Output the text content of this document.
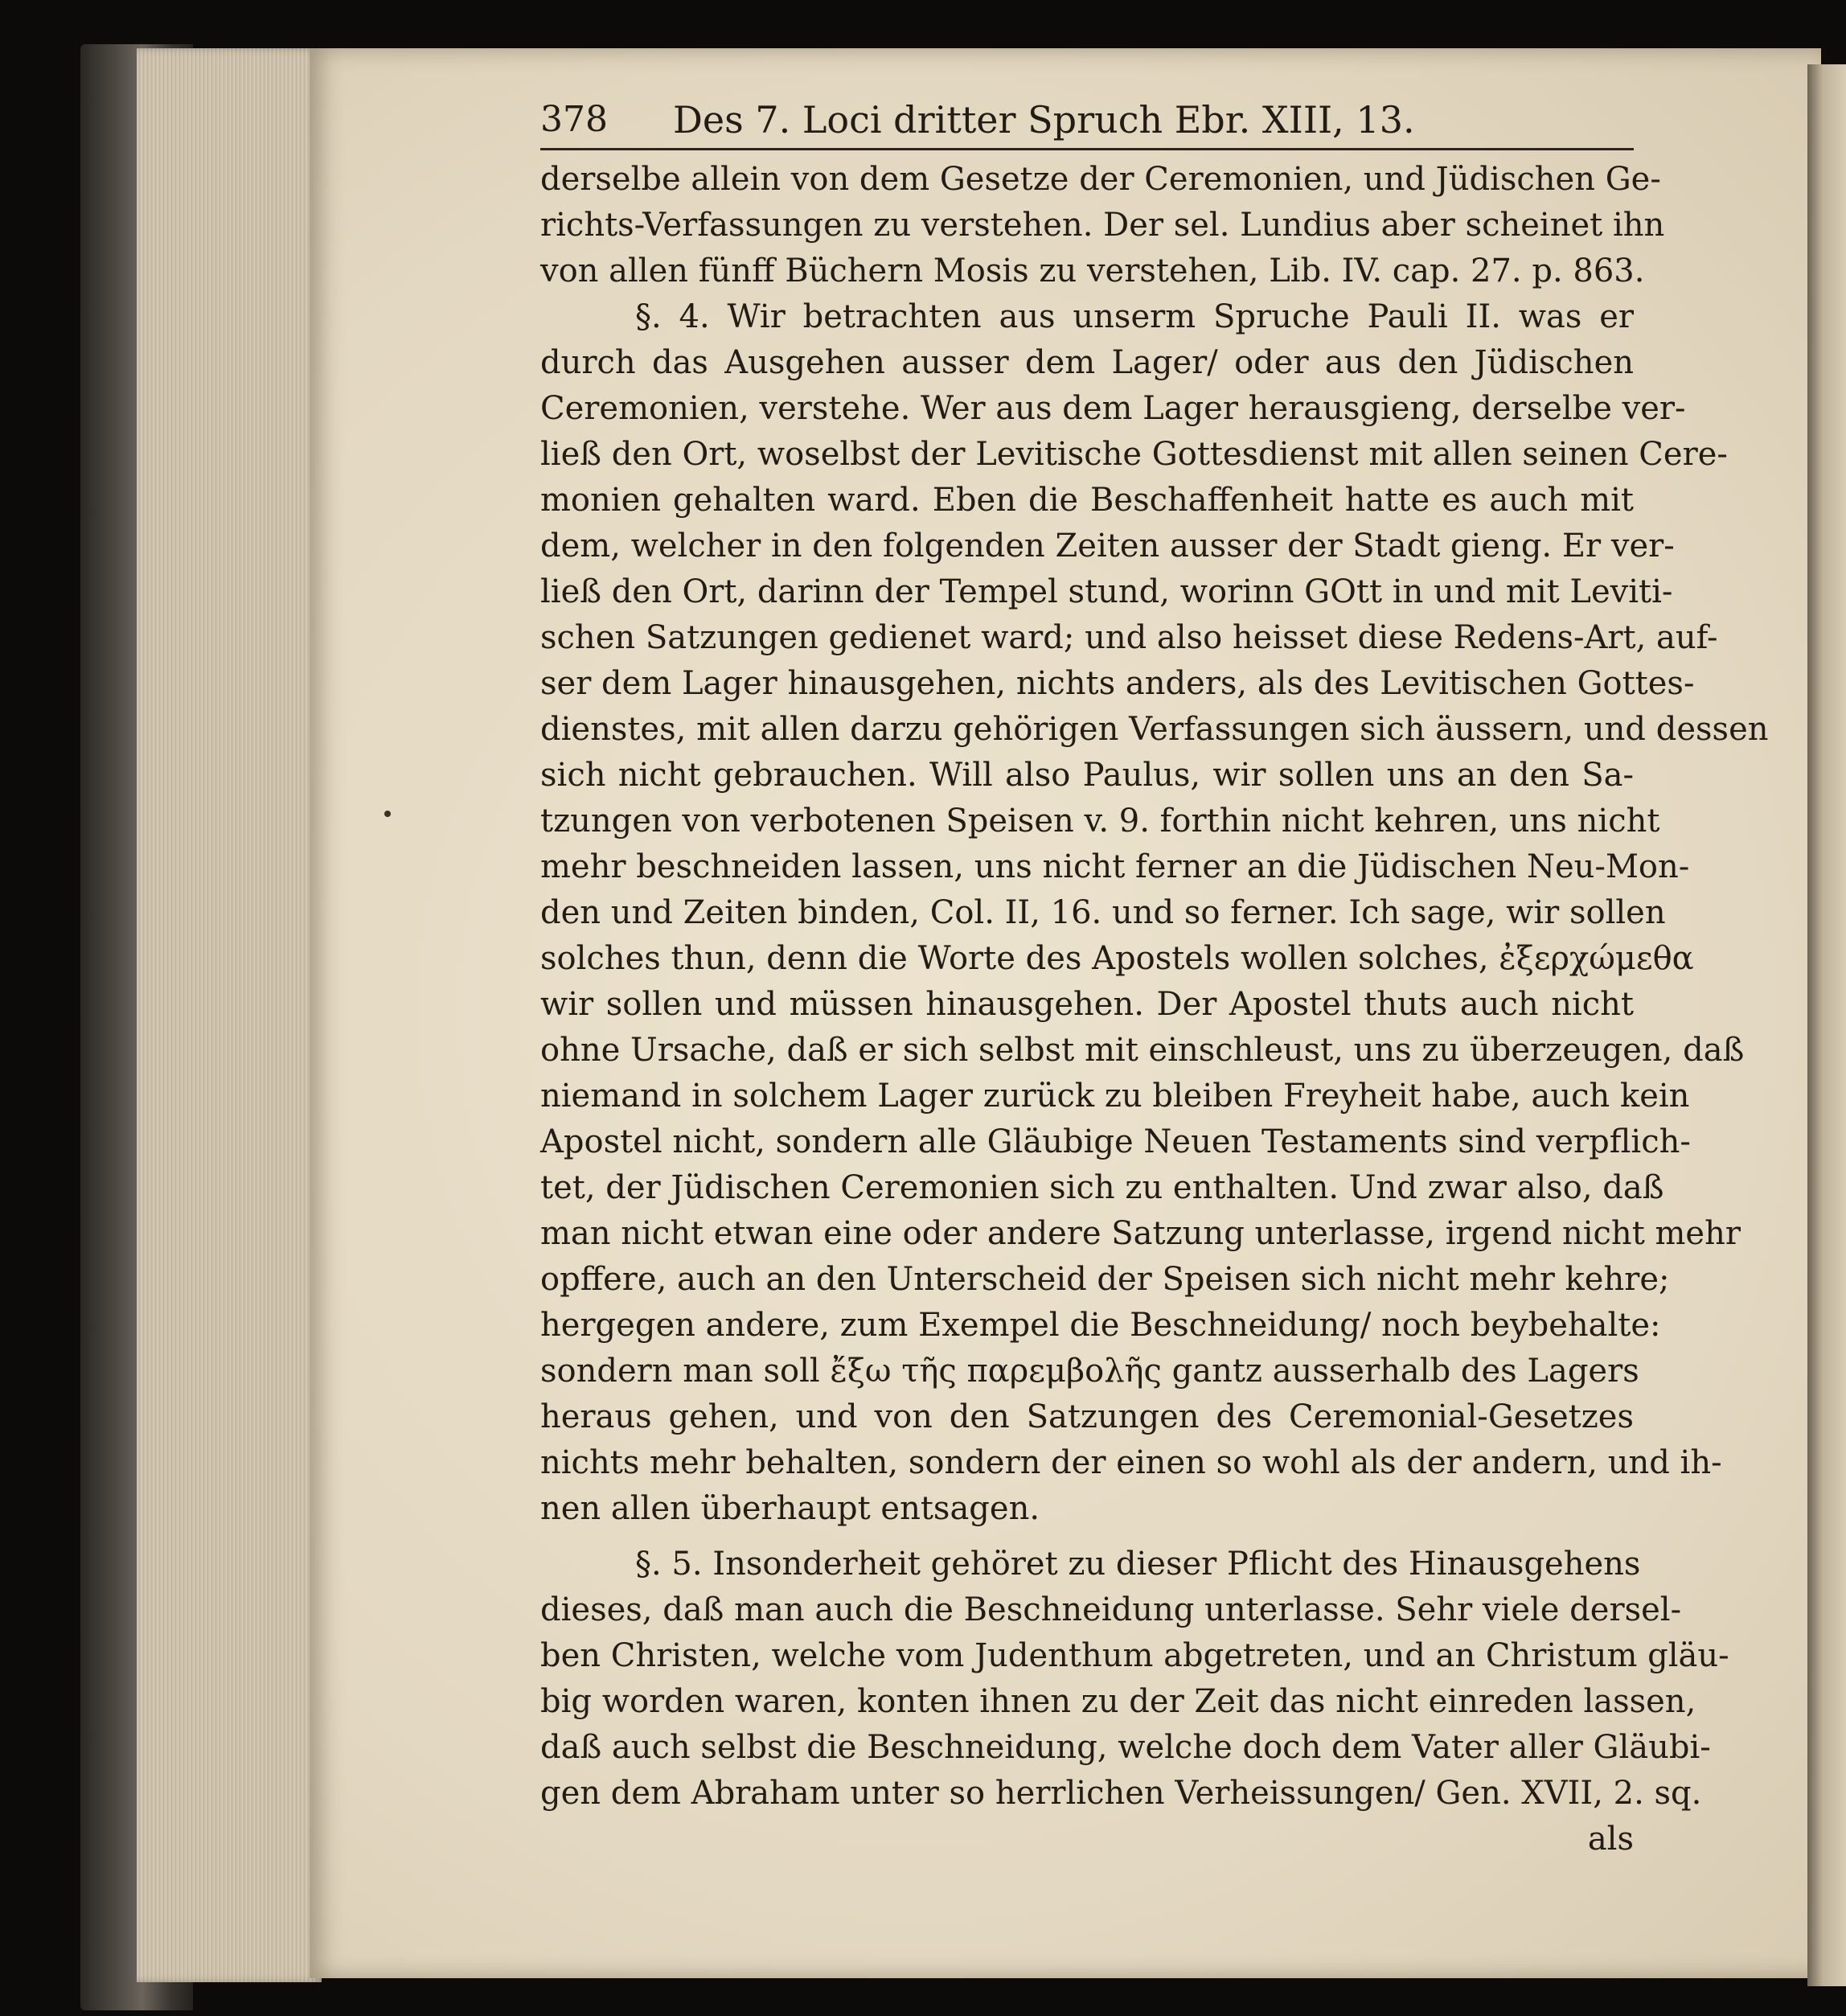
378 Des 7. Loci dritter Spruch Ebr. XIII, 13.
derselbe allein von dem Gesetze der Ceremonien, und Jüdischen Ge-
richts-Verfassungen zu verstehen. Der sel. Lundius aber scheinet ihn
von allen fünff Büchern Mosis zu verstehen, Lib. IV. cap. 27. p. 863.
§. 4. Wir betrachten aus unserm Spruche Pauli II. was er
durch das Ausgehen ausser dem Lager/ oder aus den Jüdischen
Ceremonien, verstehe. Wer aus dem Lager herausgieng, derselbe ver-
ließ den Ort, woselbst der Levitische Gottesdienst mit allen seinen Cere-
monien gehalten ward. Eben die Beschaffenheit hatte es auch mit
dem, welcher in den folgenden Zeiten ausser der Stadt gieng. Er ver-
ließ den Ort, darinn der Tempel stund, worinn GOtt in und mit Leviti-
schen Satzungen gedienet ward; und also heisset diese Redens-Art, auf-
ser dem Lager hinausgehen, nichts anders, als des Levitischen Gottes-
dienstes, mit allen darzu gehörigen Verfassungen sich äussern, und dessen
sich nicht gebrauchen. Will also Paulus, wir sollen uns an den Sa-
tzungen von verbotenen Speisen v. 9. forthin nicht kehren, uns nicht
mehr beschneiden lassen, uns nicht ferner an die Jüdischen Neu-Mon-
den und Zeiten binden, Col. II, 16. und so ferner. Ich sage, wir sollen
solches thun, denn die Worte des Apostels wollen solches, ἐξερχώμεθα
wir sollen und müssen hinausgehen. Der Apostel thuts auch nicht
ohne Ursache, daß er sich selbst mit einschleust, uns zu überzeugen, daß
niemand in solchem Lager zurück zu bleiben Freyheit habe, auch kein
Apostel nicht, sondern alle Gläubige Neuen Testaments sind verpflich-
tet, der Jüdischen Ceremonien sich zu enthalten. Und zwar also, daß
man nicht etwan eine oder andere Satzung unterlasse, irgend nicht mehr
opffere, auch an den Unterscheid der Speisen sich nicht mehr kehre;
hergegen andere, zum Exempel die Beschneidung/ noch beybehalte:
sondern man soll ἔξω τῆς παρεμβολῆς gantz ausserhalb des Lagers
heraus gehen, und von den Satzungen des Ceremonial-Gesetzes
nichts mehr behalten, sondern der einen so wohl als der andern, und ih-
nen allen überhaupt entsagen.
§. 5. Insonderheit gehöret zu dieser Pflicht des Hinausgehens
dieses, daß man auch die Beschneidung unterlasse. Sehr viele dersel-
ben Christen, welche vom Judenthum abgetreten, und an Christum gläu-
big worden waren, konten ihnen zu der Zeit das nicht einreden lassen,
daß auch selbst die Beschneidung, welche doch dem Vater aller Gläubi-
gen dem Abraham unter so herrlichen Verheissungen/ Gen. XVII, 2. sq.
als
